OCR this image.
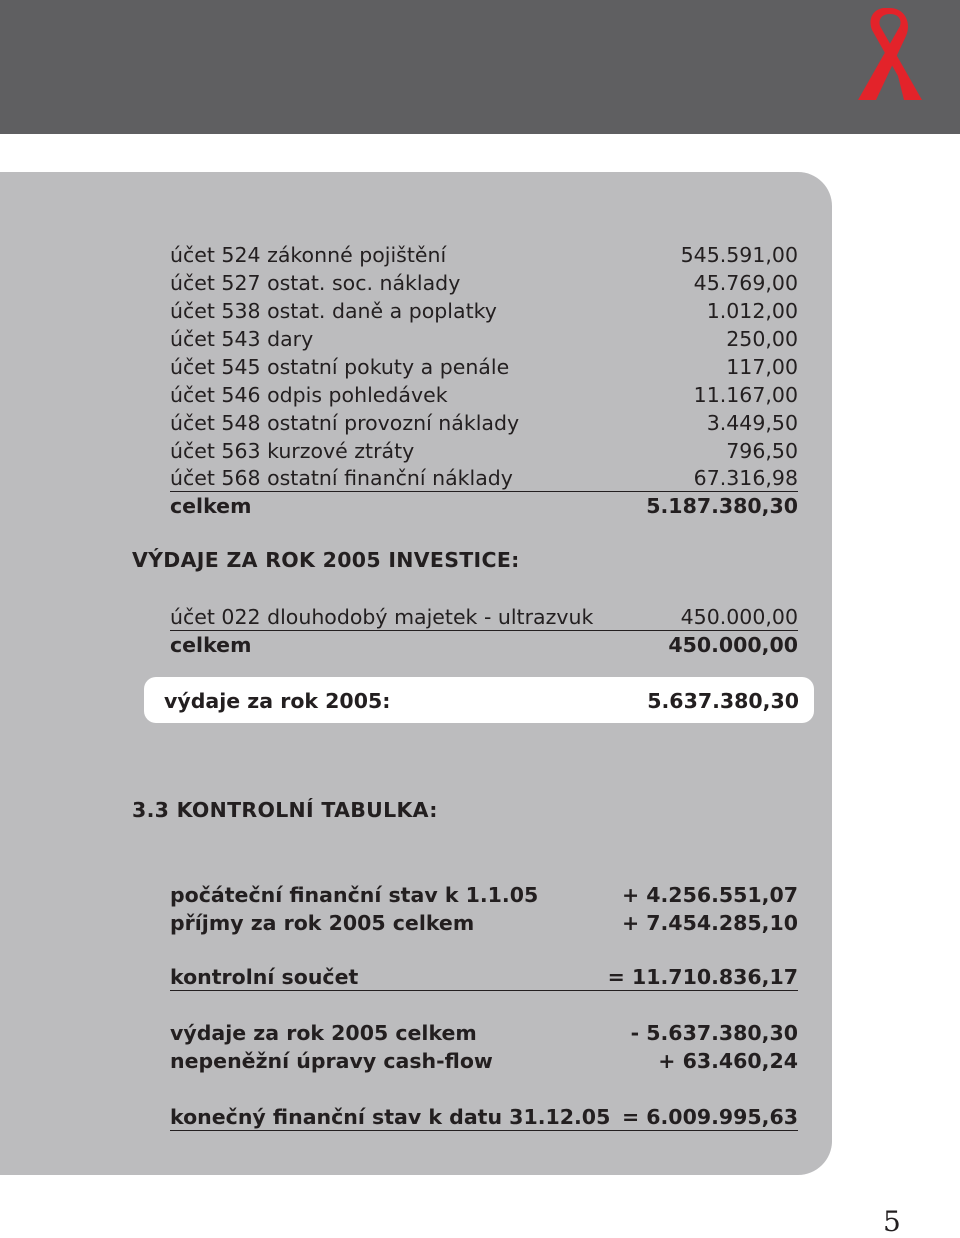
účet 524 zákonné pojištění	545.591,00
účet 527 ostat. soc. náklady	45.769,00
účet 538 ostat. daně a poplatky	1.012,00
účet 543 dary	250,00
účet 545 ostatní pokuty a penále	117,00
účet 546 odpis pohledávek	11.167,00
účet 548 ostatní provozní náklady	3.449,50
účet 563 kurzové ztráty	796,50
účet 568 ostatní finanční náklady	67.316,98
celkem	5.187.380,30
VÝDAJE ZA ROK 2005 INVESTICE:
účet 022 dlouhodobý majetek - ultrazvuk	450.000,00
celkem	450.000,00
výdaje za rok 2005:	5.637.380,30
3.3 KONTROLNÍ TABULKA:
počáteční finanční stav k 1.1.05	+ 4.256.551,07
příjmy za rok 2005 celkem	+ 7.454.285,10
kontrolní součet	= 11.710.836,17
výdaje za rok 2005 celkem	- 5.637.380,30
nepeněžní úpravy cash-flow	+ 63.460,24
konečný finanční stav k datu 31.12.05 = 6.009.995,63
5
